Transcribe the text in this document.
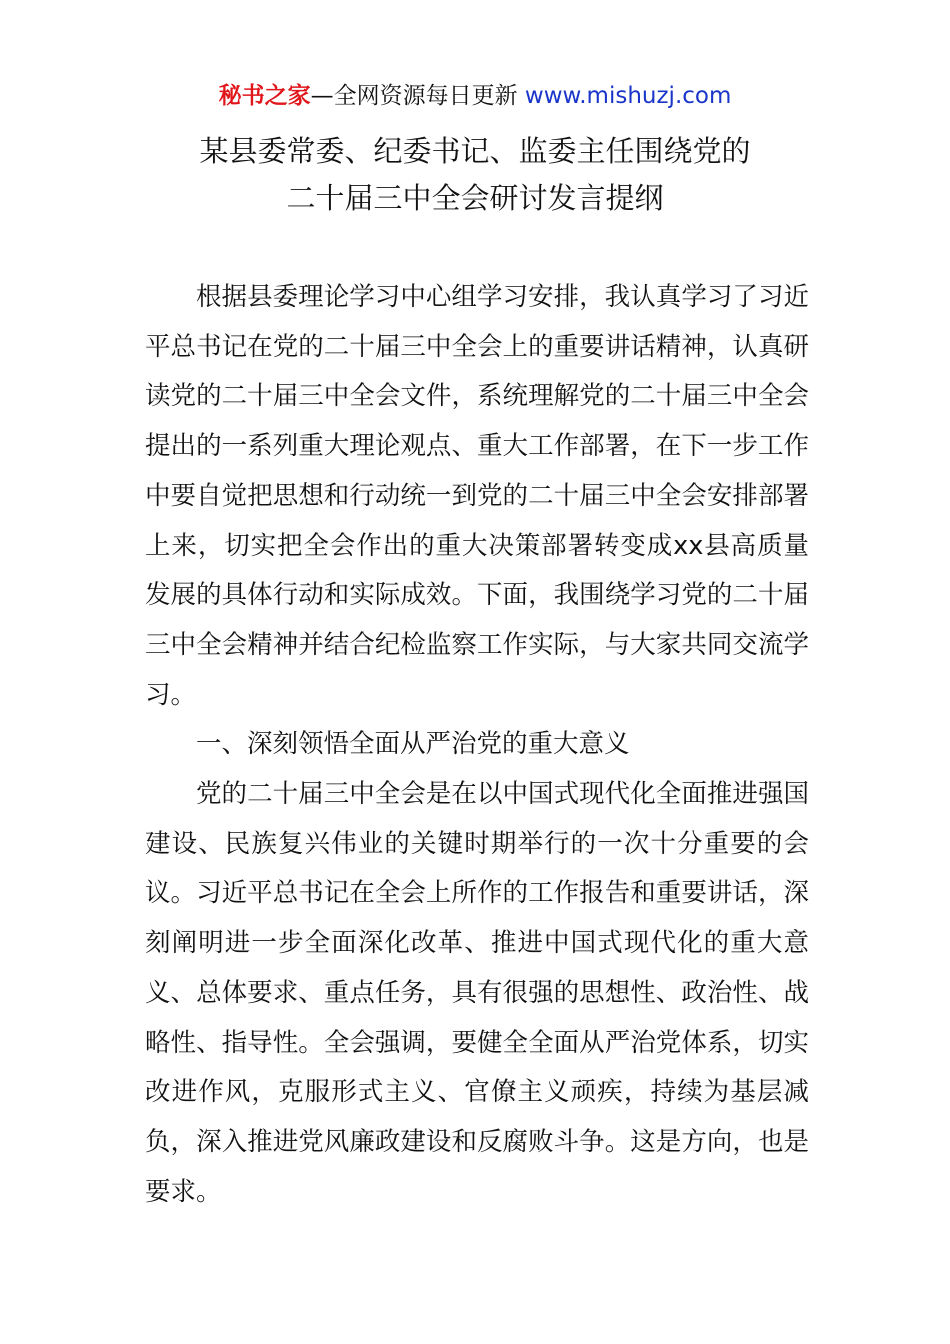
秘书之家—全网资源每日更新 www.mishuzj.com
某县委常委、纪委书记、监委主任围绕党的
二十届三中全会研讨发言提纲

根据县委理论学习中心组学习安排，我认真学习了习近平总书记在党的二十届三中全会上的重要讲话精神，认真研读党的二十届三中全会文件，系统理解党的二十届三中全会提出的一系列重大理论观点、重大工作部署，在下一步工作中要自觉把思想和行动统一到党的二十届三中全会安排部署上来，切实把全会作出的重大决策部署转变成xx县高质量发展的具体行动和实际成效。下面，我围绕学习党的二十届三中全会精神并结合纪检监察工作实际，与大家共同交流学习。

一、深刻领悟全面从严治党的重大意义

党的二十届三中全会是在以中国式现代化全面推进强国建设、民族复兴伟业的关键时期举行的一次十分重要的会议。习近平总书记在全会上所作的工作报告和重要讲话，深刻阐明进一步全面深化改革、推进中国式现代化的重大意义、总体要求、重点任务，具有很强的思想性、政治性、战略性、指导性。全会强调，要健全全面从严治党体系，切实改进作风，克服形式主义、官僚主义顽疾，持续为基层减负，深入推进党风廉政建设和反腐败斗争。这是方向，也是要求。
